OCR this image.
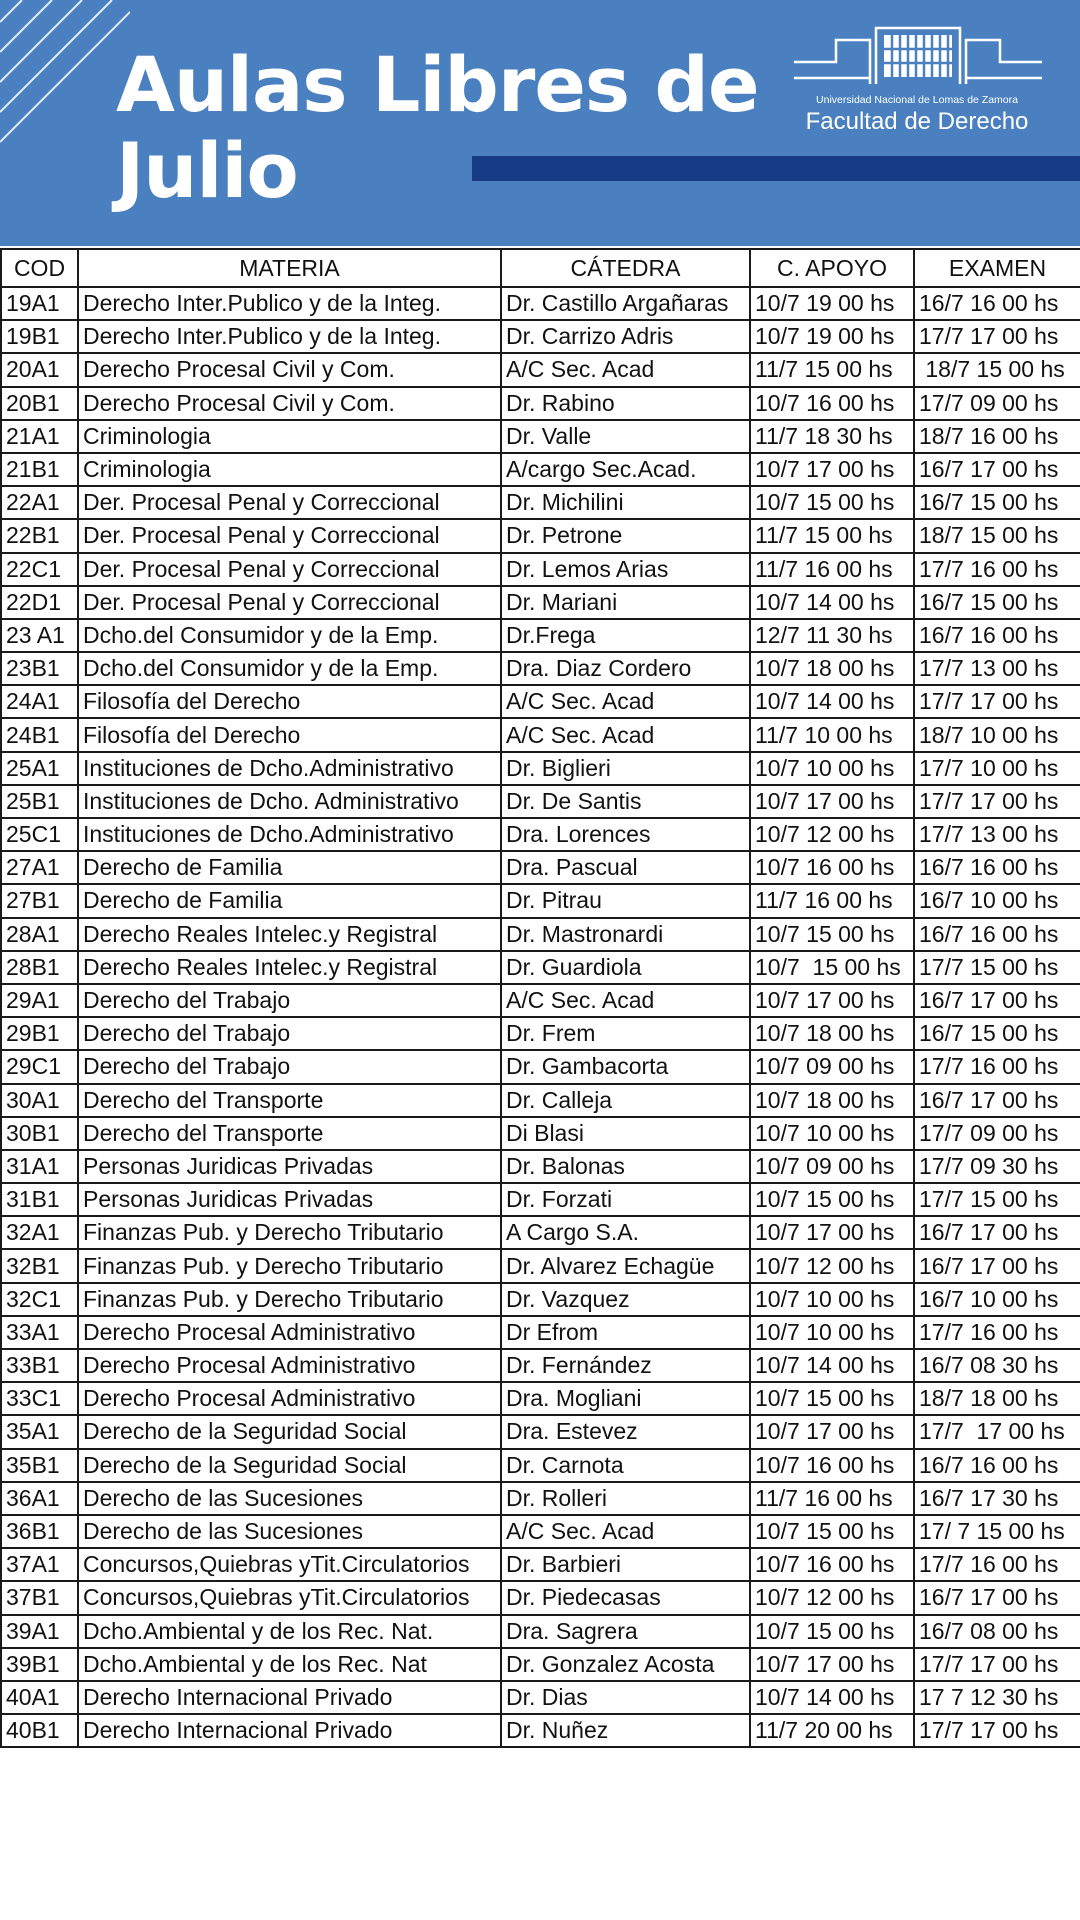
Aulas Libres de
Julio
Universidad Nacional de Lomas de Zamora
Facultad de Derecho
COD	MATERIA	CÁTEDRA	C. APOYO	EXAMEN
19A1	Derecho Inter.Publico y de la Integ.	Dr. Castillo Argañaras	10/7 19 00 hs	16/7 16 00 hs
19B1	Derecho Inter.Publico y de la Integ.	Dr. Carrizo Adris	10/7 19 00 hs	17/7 17 00 hs
20A1	Derecho Procesal Civil y Com.	A/C Sec. Acad	11/7 15 00 hs	18/7 15 00 hs
20B1	Derecho Procesal Civil y Com.	Dr. Rabino	10/7 16 00 hs	17/7 09 00 hs
21A1	Criminologia	Dr. Valle	11/7 18 30 hs	18/7 16 00 hs
21B1	Criminologia	A/cargo Sec.Acad.	10/7 17 00 hs	16/7 17 00 hs
22A1	Der. Procesal Penal y Correccional	Dr. Michilini	10/7 15 00 hs	16/7 15 00 hs
22B1	Der. Procesal Penal y Correccional	Dr. Petrone	11/7 15 00 hs	18/7 15 00 hs
22C1	Der. Procesal Penal y Correccional	Dr. Lemos Arias	11/7 16 00 hs	17/7 16 00 hs
22D1	Der. Procesal Penal y Correccional	Dr. Mariani	10/7 14 00 hs	16/7 15 00 hs
23 A1	Dcho.del Consumidor y de la Emp.	Dr.Frega	12/7 11 30 hs	16/7 16 00 hs
23B1	Dcho.del Consumidor y de la Emp.	Dra. Diaz Cordero	10/7 18 00 hs	17/7 13 00 hs
24A1	Filosofía del Derecho	A/C Sec. Acad	10/7 14 00 hs	17/7 17 00 hs
24B1	Filosofía del Derecho	A/C Sec. Acad	11/7 10 00 hs	18/7 10 00 hs
25A1	Instituciones de Dcho.Administrativo	Dr. Biglieri	10/7 10 00 hs	17/7 10 00 hs
25B1	Instituciones de Dcho. Administrativo	Dr. De Santis	10/7 17 00 hs	17/7 17 00 hs
25C1	Instituciones de Dcho.Administrativo	Dra. Lorences	10/7 12 00 hs	17/7 13 00 hs
27A1	Derecho de Familia	Dra. Pascual	10/7 16 00 hs	16/7 16 00 hs
27B1	Derecho de Familia	Dr. Pitrau	11/7 16 00 hs	16/7 10 00 hs
28A1	Derecho Reales Intelec.y Registral	Dr. Mastronardi	10/7 15 00 hs	16/7 16 00 hs
28B1	Derecho Reales Intelec.y Registral	Dr. Guardiola	10/7  15 00 hs	17/7 15 00 hs
29A1	Derecho del Trabajo	A/C Sec. Acad	10/7 17 00 hs	16/7 17 00 hs
29B1	Derecho del Trabajo	Dr. Frem	10/7 18 00 hs	16/7 15 00 hs
29C1	Derecho del Trabajo	Dr. Gambacorta	10/7 09 00 hs	17/7 16 00 hs
30A1	Derecho del Transporte	Dr. Calleja	10/7 18 00 hs	16/7 17 00 hs
30B1	Derecho del Transporte	Di Blasi	10/7 10 00 hs	17/7 09 00 hs
31A1	Personas Juridicas Privadas	Dr. Balonas	10/7 09 00 hs	17/7 09 30 hs
31B1	Personas Juridicas Privadas	Dr. Forzati	10/7 15 00 hs	17/7 15 00 hs
32A1	Finanzas Pub. y Derecho Tributario	A Cargo S.A.	10/7 17 00 hs	16/7 17 00 hs
32B1	Finanzas Pub. y Derecho Tributario	Dr. Alvarez Echagüe	10/7 12 00 hs	16/7 17 00 hs
32C1	Finanzas Pub. y Derecho Tributario	Dr. Vazquez	10/7 10 00 hs	16/7 10 00 hs
33A1	Derecho Procesal Administrativo	Dr Efrom	10/7 10 00 hs	17/7 16 00 hs
33B1	Derecho Procesal Administrativo	Dr. Fernández	10/7 14 00 hs	16/7 08 30 hs
33C1	Derecho Procesal Administrativo	Dra. Mogliani	10/7 15 00 hs	18/7 18 00 hs
35A1	Derecho de la Seguridad Social	Dra. Estevez	10/7 17 00 hs	17/7  17 00 hs
35B1	Derecho de la Seguridad Social	Dr. Carnota	10/7 16 00 hs	16/7 16 00 hs
36A1	Derecho de las Sucesiones	Dr. Rolleri	11/7 16 00 hs	16/7 17 30 hs
36B1	Derecho de las Sucesiones	A/C Sec. Acad	10/7 15 00 hs	17/ 7 15 00 hs
37A1	Concursos,Quiebras yTit.Circulatorios	Dr. Barbieri	10/7 16 00 hs	17/7 16 00 hs
37B1	Concursos,Quiebras yTit.Circulatorios	Dr. Piedecasas	10/7 12 00 hs	16/7 17 00 hs
39A1	Dcho.Ambiental y de los Rec. Nat.	Dra. Sagrera	10/7 15 00 hs	16/7 08 00 hs
39B1	Dcho.Ambiental y de los Rec. Nat	Dr. Gonzalez Acosta	10/7 17 00 hs	17/7 17 00 hs
40A1	Derecho Internacional Privado	Dr. Dias	10/7 14 00 hs	17 7 12 30 hs
40B1	Derecho Internacional Privado	Dr. Nuñez	11/7 20 00 hs	17/7 17 00 hs
